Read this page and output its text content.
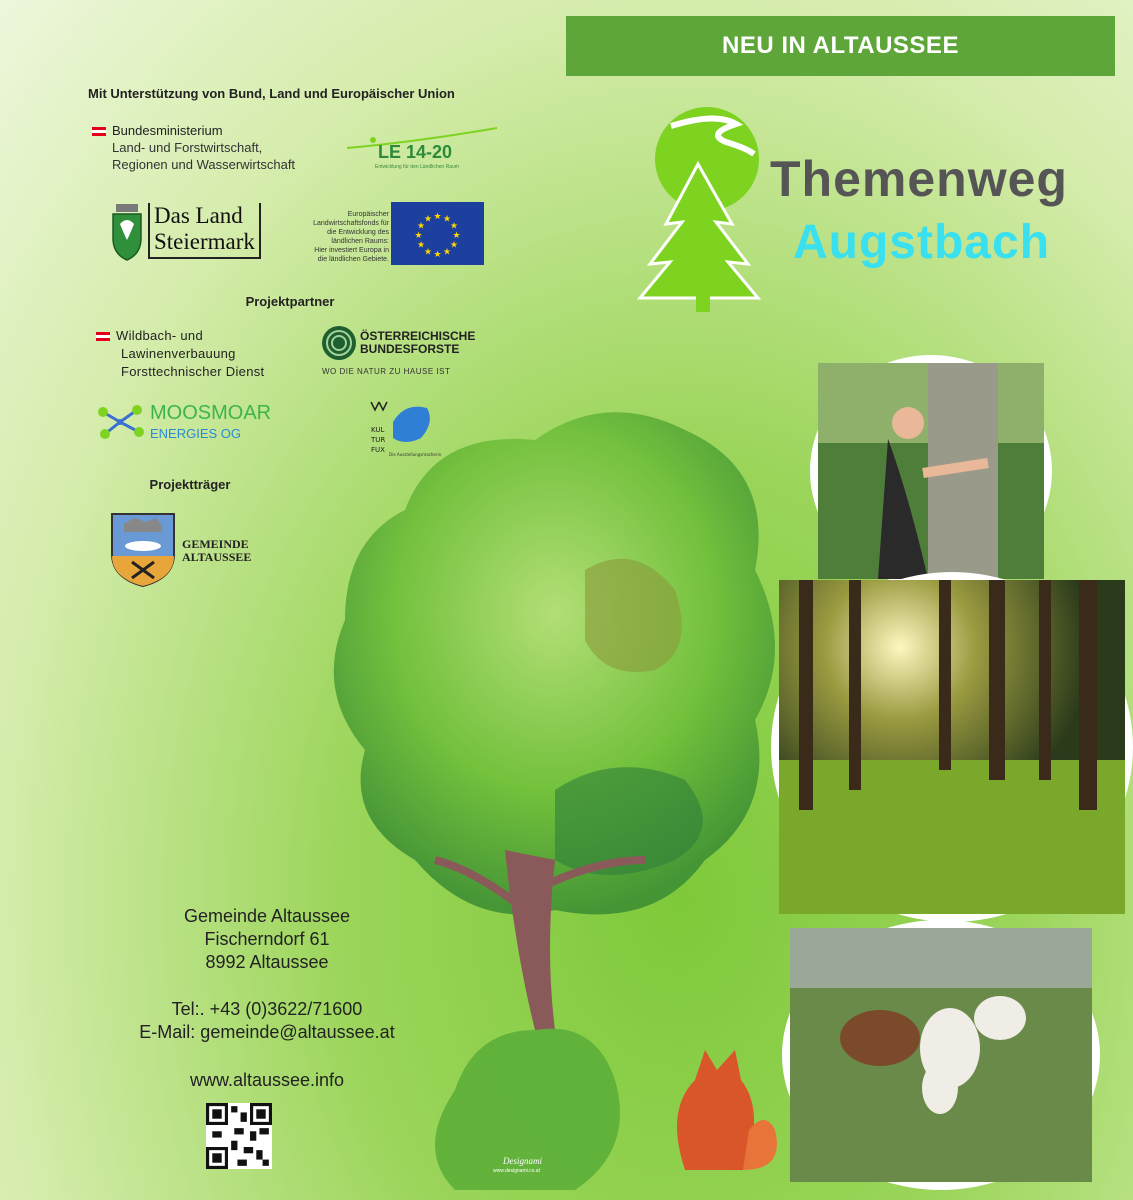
NEU IN ALTAUSSEE
Mit Unterstützung von Bund, Land und Europäischer Union
Bundesministerium
Land- und Forstwirtschaft,
Regionen und Wasserwirtschaft
LE 14-20
Entwicklung für den Ländlichen Raum
Das Land
Steiermark
Europäischer
Landwirtschaftsfonds für
die Entwicklung des
ländlichen Raums:
Hier investiert Europa in
die ländlichen Gebiete.
★ ★
★
★
★
★
★
★
★
★
★
★
Projektpartner
Wildbach- und
Lawinenverbauung
Forsttechnischer Dienst
ÖSTERREICHISCHE
BUNDESFORSTE
WO DIE NATUR ZU HAUSE IST
MOOSMOAR
ENERGIES OG	KUL
TUR
FUX
Die Ausstellungsmacherin
Projektträger
GEMEINDE
ALTAUSSEE
Themenweg
Augstbach
Gemeinde Altaussee
Fischerndorf 61
8992 Altaussee
Tel:. +43 (0)3622/71600
E-Mail: gemeinde@altaussee.at
www.altaussee.info
Designami
www.designami.co.at
